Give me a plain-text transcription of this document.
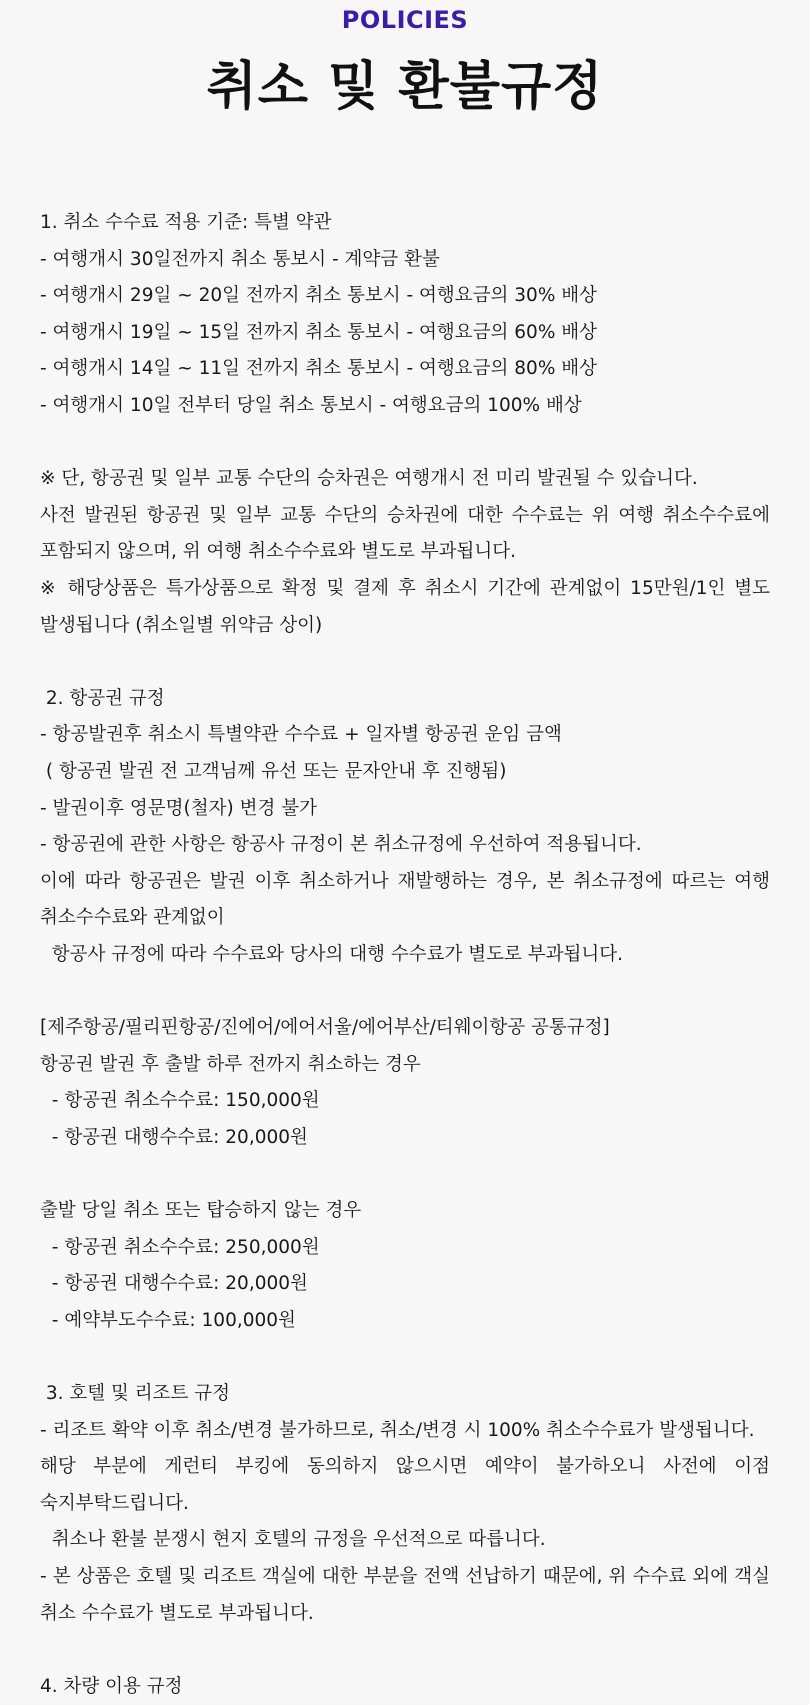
POLICIES
취소 및 환불규정
1. 취소 수수료 적용 기준: 특별 약관
- 여행개시 30일전까지 취소 통보시 - 계약금 환불
- 여행개시 29일 ~ 20일 전까지 취소 통보시 - 여행요금의 30% 배상
- 여행개시 19일 ~ 15일 전까지 취소 통보시 - 여행요금의 60% 배상
- 여행개시 14일 ~ 11일 전까지 취소 통보시 - 여행요금의 80% 배상
- 여행개시 10일 전부터 당일 취소 통보시 - 여행요금의 100% 배상
※ 단, 항공권 및 일부 교통 수단의 승차권은 여행개시 전 미리 발권될 수 있습니다.
사전 발권된 항공권 및 일부 교통 수단의 승차권에 대한 수수료는 위 여행 취소수수료에
포함되지 않으며, 위 여행 취소수수료와 별도로 부과됩니다.
※ 해당상품은 특가상품으로 확정 및 결제 후 취소시 기간에 관계없이 15만원/1인 별도
발생됩니다 (취소일별 위약금 상이)
2. 항공권 규정
- 항공발권후 취소시 특별약관 수수료 + 일자별 항공권 운임 금액
( 항공권 발권 전 고객님께 유선 또는 문자안내 후 진행됨)
- 발권이후 영문명(철자) 변경 불가
- 항공권에 관한 사항은 항공사 규정이 본 취소규정에 우선하여 적용됩니다.
이에 따라 항공권은 발권 이후 취소하거나 재발행하는 경우, 본 취소규정에 따르는 여행
취소수수료와 관계없이
항공사 규정에 따라 수수료와 당사의 대행 수수료가 별도로 부과됩니다.
[제주항공/필리핀항공/진에어/에어서울/에어부산/티웨이항공 공통규정]
항공권 발권 후 출발 하루 전까지 취소하는 경우
- 항공권 취소수수료: 150,000원
- 항공권 대행수수료: 20,000원
출발 당일 취소 또는 탑승하지 않는 경우
- 항공권 취소수수료: 250,000원
- 항공권 대행수수료: 20,000원
- 예약부도수수료: 100,000원
3. 호텔 및 리조트 규정
- 리조트 확약 이후 취소/변경 불가하므로, 취소/변경 시 100% 취소수수료가 발생됩니다.
해당 부분에 게런티 부킹에 동의하지 않으시면 예약이 불가하오니 사전에 이점
숙지부탁드립니다.
취소나 환불 분쟁시 현지 호텔의 규정을 우선적으로 따릅니다.
- 본 상품은 호텔 및 리조트 객실에 대한 부분을 전액 선납하기 때문에, 위 수수료 외에 객실
취소 수수료가 별도로 부과됩니다.
4. 차량 이용 규정
